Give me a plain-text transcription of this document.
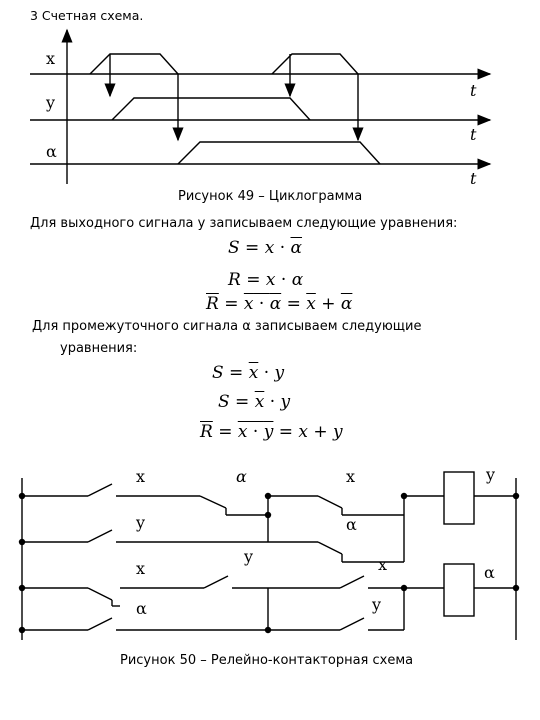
3 Счетная схема.
x
y
α
t
t
t
Рисунок 49 – Циклограмма
Для выходного сигнала y записываем следующие уравнения:
$S = x \cdot \overline{\alpha}$
R = x · α
$\overline{R} = x \cdot \alpha = \overline{x} + \overline{\alpha}$
Для промежуточного сигнала α записываем следующие
уравнения:
$S = \overline{x} \cdot y$
$S = \overline{x} \cdot y$
$\overline{R} = x \cdot y = x + y$
x	α	x	y
y	α
x
y	x	α
α	y
Рисунок 50 – Релейно-контакторная схема
